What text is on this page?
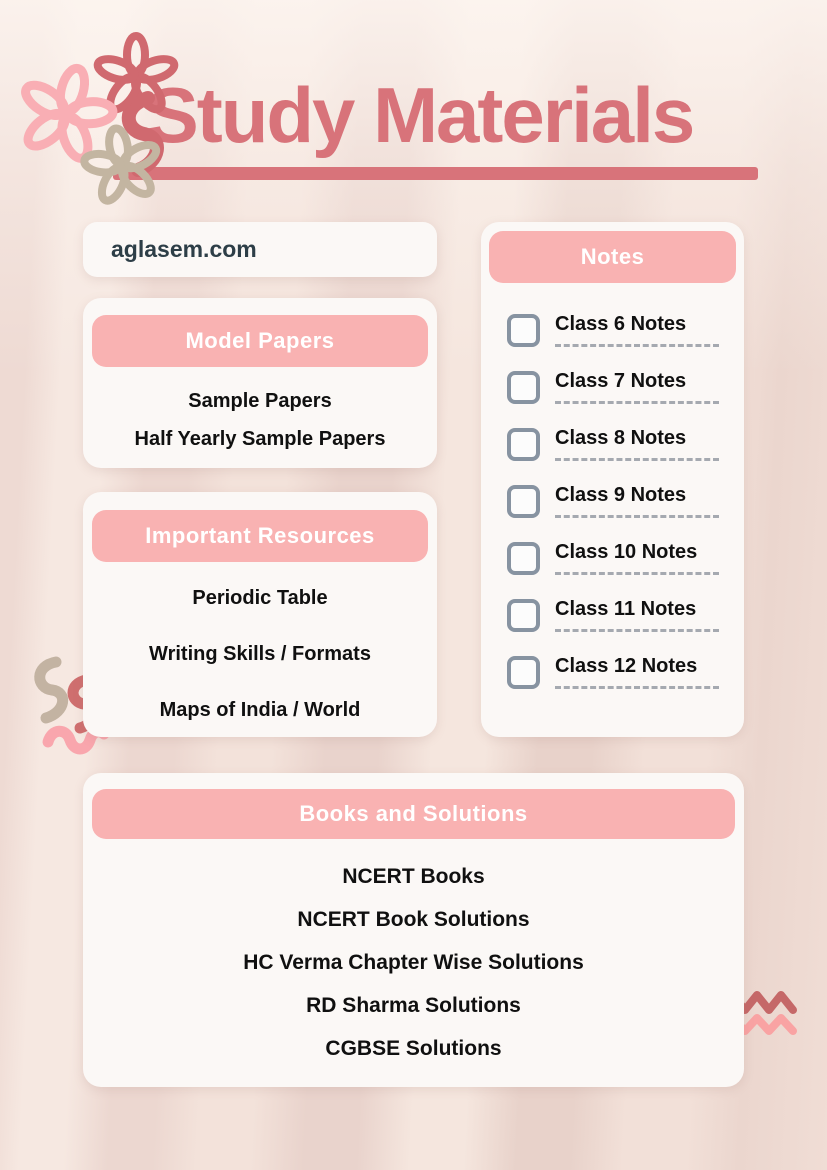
Study Materials
aglasem.com
Model Papers
Sample Papers
Half Yearly Sample Papers
Important Resources
Periodic Table
Writing Skills / Formats
Maps of India / World
Notes
Class 6 Notes
Class 7 Notes
Class 8 Notes
Class 9 Notes
Class 10 Notes
Class 11 Notes
Class 12 Notes
Books and Solutions
NCERT Books
NCERT Book Solutions
HC Verma Chapter Wise Solutions
RD Sharma Solutions
CGBSE Solutions
